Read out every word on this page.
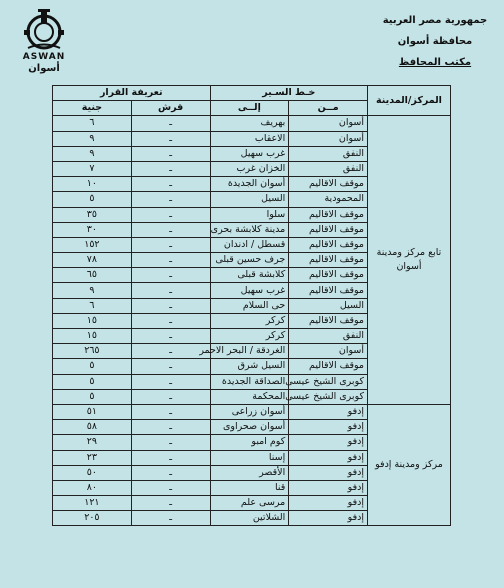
ASWAN
أسوان
جمهورية مصر العربية
محافظة أسوان
مكتب المحافظ
المركز/المدينة	خـط السـير		تعريفة القرار	
	مــن	إلــى	قرش	جنية
تابع مركز ومدينة أسوان	أسوان	بهريف	ـ	٦
	أسوان	الاعقاب	ـ	٩
	النفق	غرب سهيل	ـ	٩
	النفق	الخزان غرب	ـ	٧
	موقف الاقاليم	أسوان الجديدة	ـ	١٠
	المحمودية	السيل	ـ	٥
	موقف الاقاليم	سلوا	ـ	٣٥
	موقف الاقاليم	مدينة كلابشة بحرى	ـ	٣٠
	موقف الاقاليم	قسطل / ادندان	ـ	١٥٢
	موقف الاقاليم	جرف حسين قبلى	ـ	٧٨
	موقف الاقاليم	كلابشة قبلى	ـ	٦٥
	موقف الاقاليم	غرب سهيل	ـ	٩
	السيل	حى السلام	ـ	٦
	موقف الاقاليم	كركر	ـ	١٥
	النفق	كركر	ـ	١٥
	أسوان	الغردقة / البحر الاحمر	ـ	٢٦٥
	موقف الاقاليم	السيل شرق	ـ	٥
	كوبرى الشيخ عيسى	الصداقة الجديدة	ـ	٥
	كوبرى الشيخ عيسى	المحكمة	ـ	٥
مركز ومدينة إدفو	إدفو	أسوان زراعى	ـ	٥١
	إدفو	أسوان صحراوى	ـ	٥٨
	إدفو	كوم امبو	ـ	٢٩
	إدفو	إسنا	ـ	٢٣
	إدفو	الأقصر	ـ	٥٠
	إدفو	قنا	ـ	٨٠
	إدفو	مرسى علم	ـ	١٢١
	إدفو	الشلاتين	ـ	٢٠٥
